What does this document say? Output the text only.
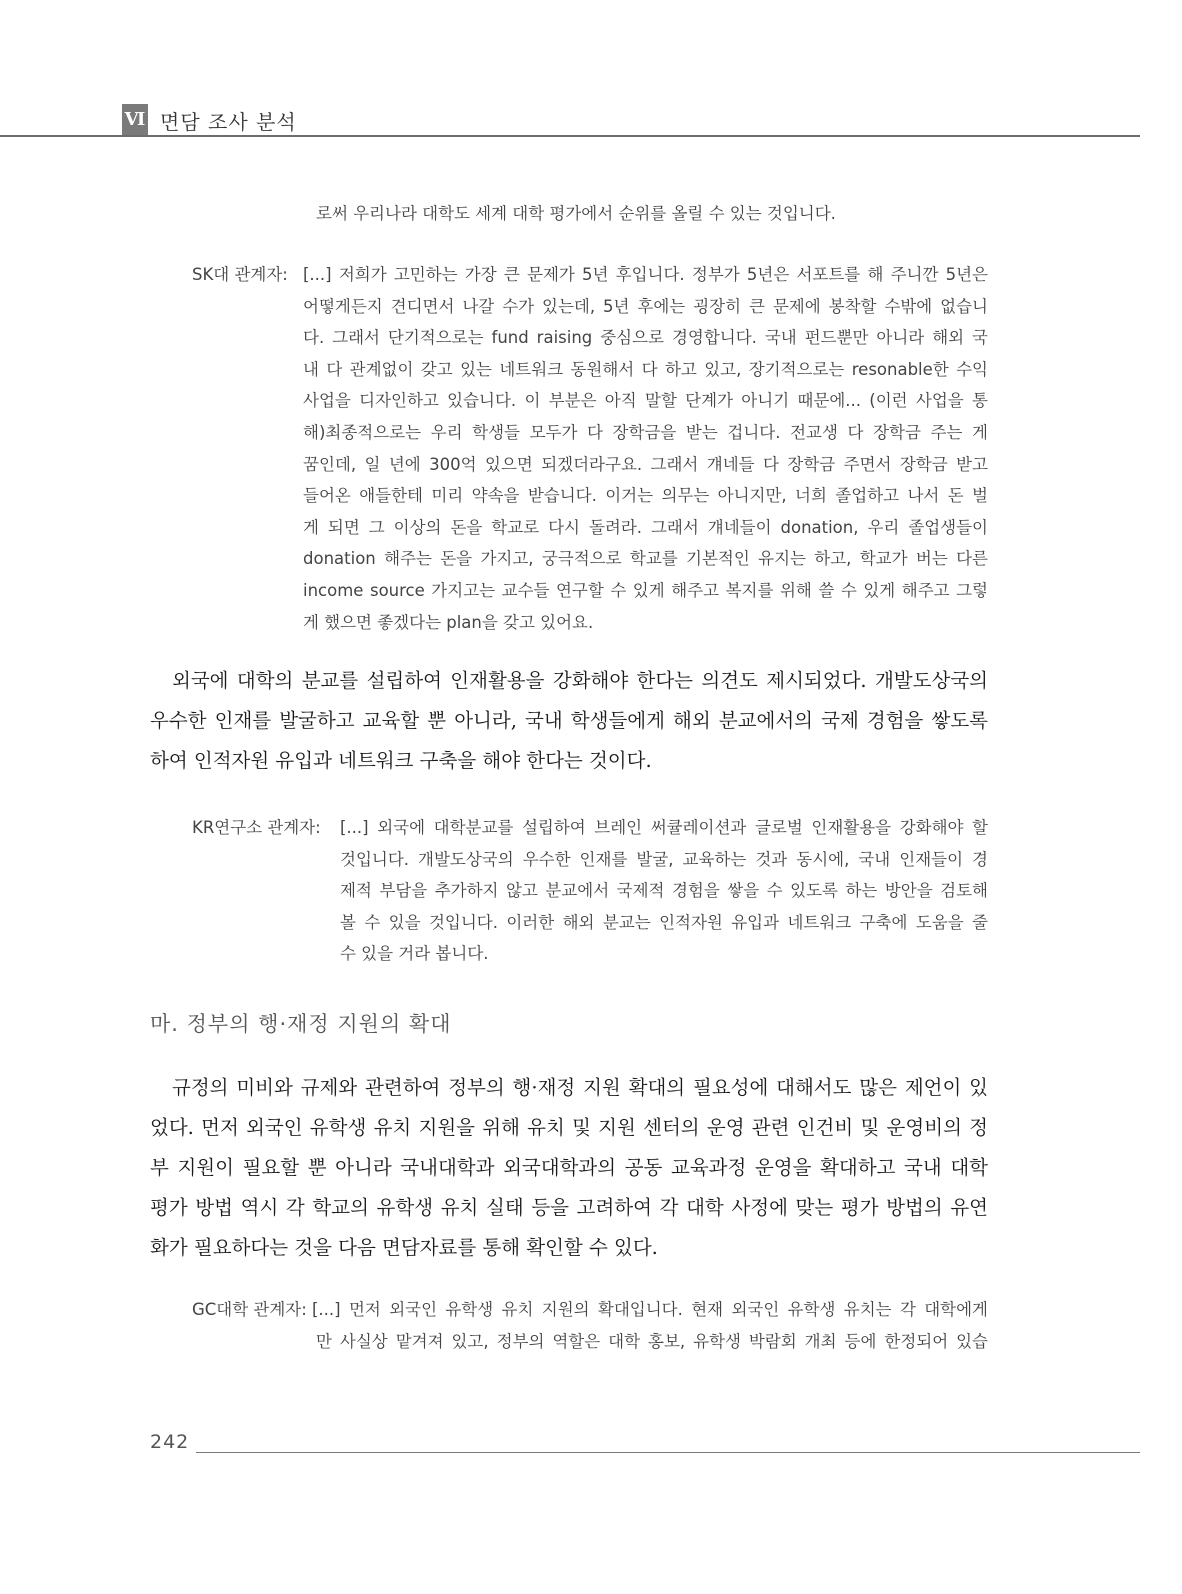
Ⅵ 면담 조사 분석
로써 우리나라 대학도 세계 대학 평가에서 순위를 올릴 수 있는 것입니다.
SK대 관계자: [...] 저희가 고민하는 가장 큰 문제가 5년 후입니다. 정부가 5년은 서포트를 해 주니깐 5년은
어떻게든지 견디면서 나갈 수가 있는데, 5년 후에는 굉장히 큰 문제에 봉착할 수밖에 없습니
다. 그래서 단기적으로는 fund raising 중심으로 경영합니다. 국내 펀드뿐만 아니라 해외 국
내 다 관계없이 갖고 있는 네트워크 동원해서 다 하고 있고, 장기적으로는 resonable한 수익
사업을 디자인하고 있습니다. 이 부분은 아직 말할 단계가 아니기 때문에... (이런 사업을 통
해)최종적으로는 우리 학생들 모두가 다 장학금을 받는 겁니다. 전교생 다 장학금 주는 게
꿈인데, 일 년에 300억 있으면 되겠더라구요. 그래서 걔네들 다 장학금 주면서 장학금 받고
들어온 애들한테 미리 약속을 받습니다. 이거는 의무는 아니지만, 너희 졸업하고 나서 돈 벌
게 되면 그 이상의 돈을 학교로 다시 돌려라. 그래서 걔네들이 donation, 우리 졸업생들이
donation 해주는 돈을 가지고, 궁극적으로 학교를 기본적인 유지는 하고, 학교가 버는 다른
income source 가지고는 교수들 연구할 수 있게 해주고 복지를 위해 쓸 수 있게 해주고 그렇
게 했으면 좋겠다는 plan을 갖고 있어요.
외국에 대학의 분교를 설립하여 인재활용을 강화해야 한다는 의견도 제시되었다. 개발도상국의
우수한 인재를 발굴하고 교육할 뿐 아니라, 국내 학생들에게 해외 분교에서의 국제 경험을 쌓도록
하여 인적자원 유입과 네트워크 구축을 해야 한다는 것이다.
KR연구소 관계자: [...] 외국에 대학분교를 설립하여 브레인 써큘레이션과 글로벌 인재활용을 강화해야 할
것입니다. 개발도상국의 우수한 인재를 발굴, 교육하는 것과 동시에, 국내 인재들이 경
제적 부담을 추가하지 않고 분교에서 국제적 경험을 쌓을 수 있도록 하는 방안을 검토해
볼 수 있을 것입니다. 이러한 해외 분교는 인적자원 유입과 네트워크 구축에 도움을 줄
수 있을 거라 봅니다.
마. 정부의 행·재정 지원의 확대
규정의 미비와 규제와 관련하여 정부의 행·재정 지원 확대의 필요성에 대해서도 많은 제언이 있
었다. 먼저 외국인 유학생 유치 지원을 위해 유치 및 지원 센터의 운영 관련 인건비 및 운영비의 정
부 지원이 필요할 뿐 아니라 국내대학과 외국대학과의 공동 교육과정 운영을 확대하고 국내 대학
평가 방법 역시 각 학교의 유학생 유치 실태 등을 고려하여 각 대학 사정에 맞는 평가 방법의 유연
화가 필요하다는 것을 다음 면담자료를 통해 확인할 수 있다.
GC대학 관계자: [...] 먼저 외국인 유학생 유치 지원의 확대입니다. 현재 외국인 유학생 유치는 각 대학에게
만 사실상 맡겨져 있고, 정부의 역할은 대학 홍보, 유학생 박람회 개최 등에 한정되어 있습
242
